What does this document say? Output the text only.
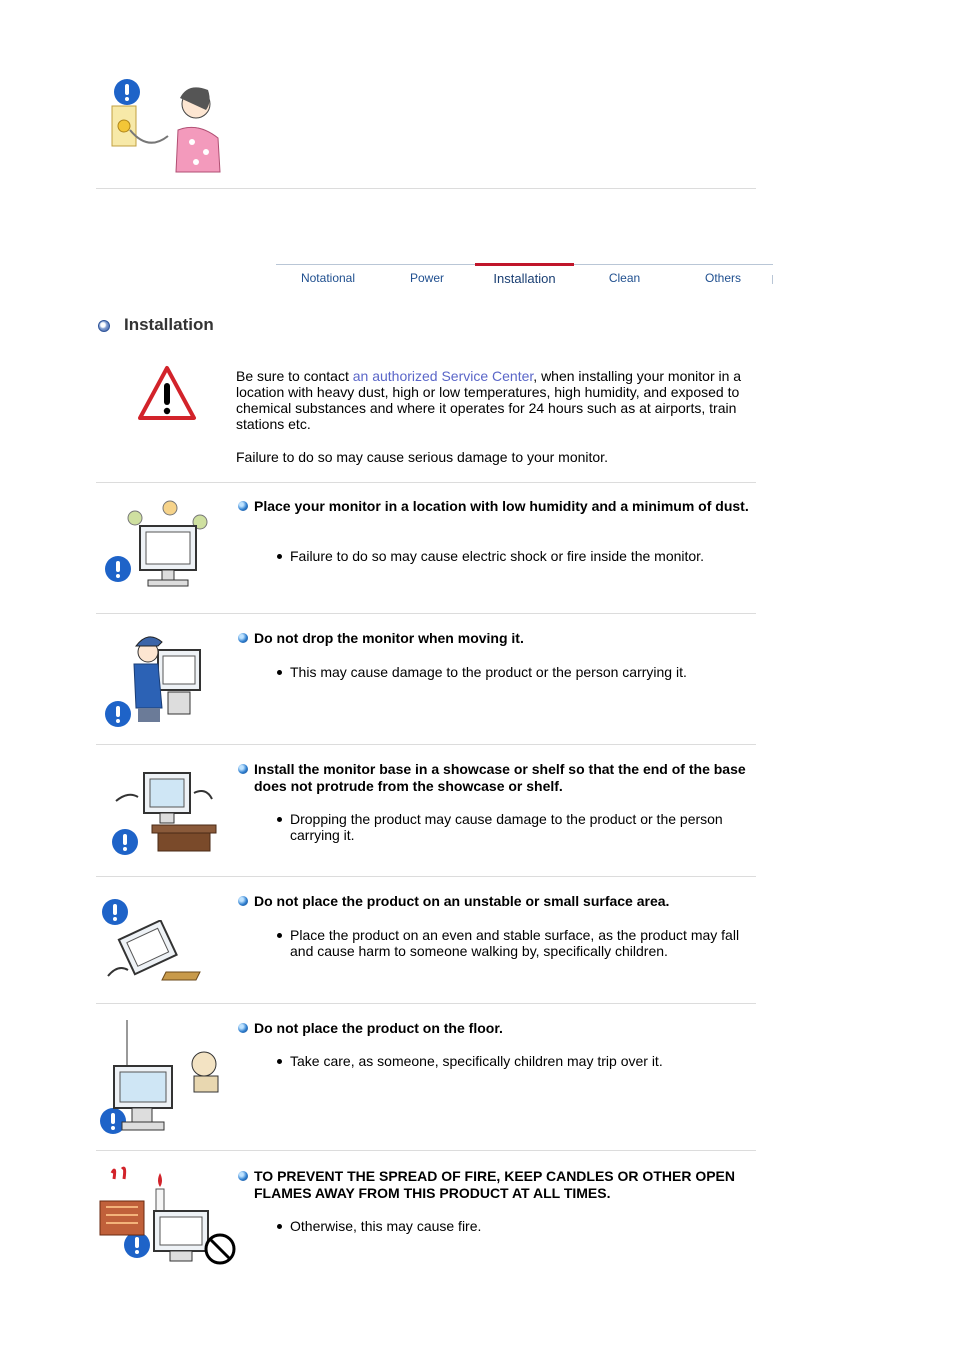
Notational	Power	Installation	Clean	Others
Installation

Be sure to contact an authorized Service Center, when installing your monitor in a location with heavy dust, high or low temperatures, high humidity, and exposed to chemical substances and where it operates for 24 hours such as at airports, train stations etc.

Failure to do so may cause serious damage to your monitor.

Place your monitor in a location with low humidity and a minimum of dust.
Failure to do so may cause electric shock or fire inside the monitor.
Do not drop the monitor when moving it.
This may cause damage to the product or the person carrying it.
Install the monitor base in a showcase or shelf so that the end of the base does not protrude from the showcase or shelf.
Dropping the product may cause damage to the product or the person carrying it.
Do not place the product on an unstable or small surface area.
Place the product on an even and stable surface, as the product may fall and cause harm to someone walking by, specifically children.
Do not place the product on the floor.
Take care, as someone, specifically children may trip over it.
TO PREVENT THE SPREAD OF FIRE, KEEP CANDLES OR OTHER OPEN FLAMES AWAY FROM THIS PRODUCT AT ALL TIMES.
Otherwise, this may cause fire.
